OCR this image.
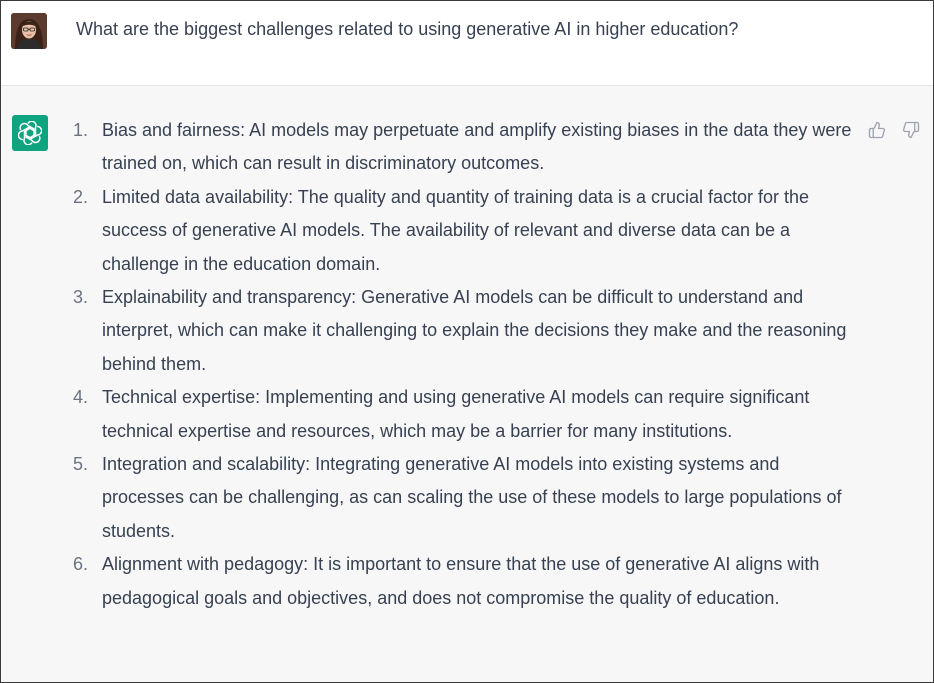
What are the biggest challenges related to using generative AI in higher education?
1. Bias and fairness: AI models may perpetuate and amplify existing biases in the data they were trained on, which can result in discriminatory outcomes.
2. Limited data availability: The quality and quantity of training data is a crucial factor for the success of generative AI models. The availability of relevant and diverse data can be a challenge in the education domain.
3. Explainability and transparency: Generative AI models can be difficult to understand and interpret, which can make it challenging to explain the decisions they make and the reasoning behind them.
4. Technical expertise: Implementing and using generative AI models can require significant technical expertise and resources, which may be a barrier for many institutions.
5. Integration and scalability: Integrating generative AI models into existing systems and processes can be challenging, as can scaling the use of these models to large populations of students.
6. Alignment with pedagogy: It is important to ensure that the use of generative AI aligns with pedagogical goals and objectives, and does not compromise the quality of education.
